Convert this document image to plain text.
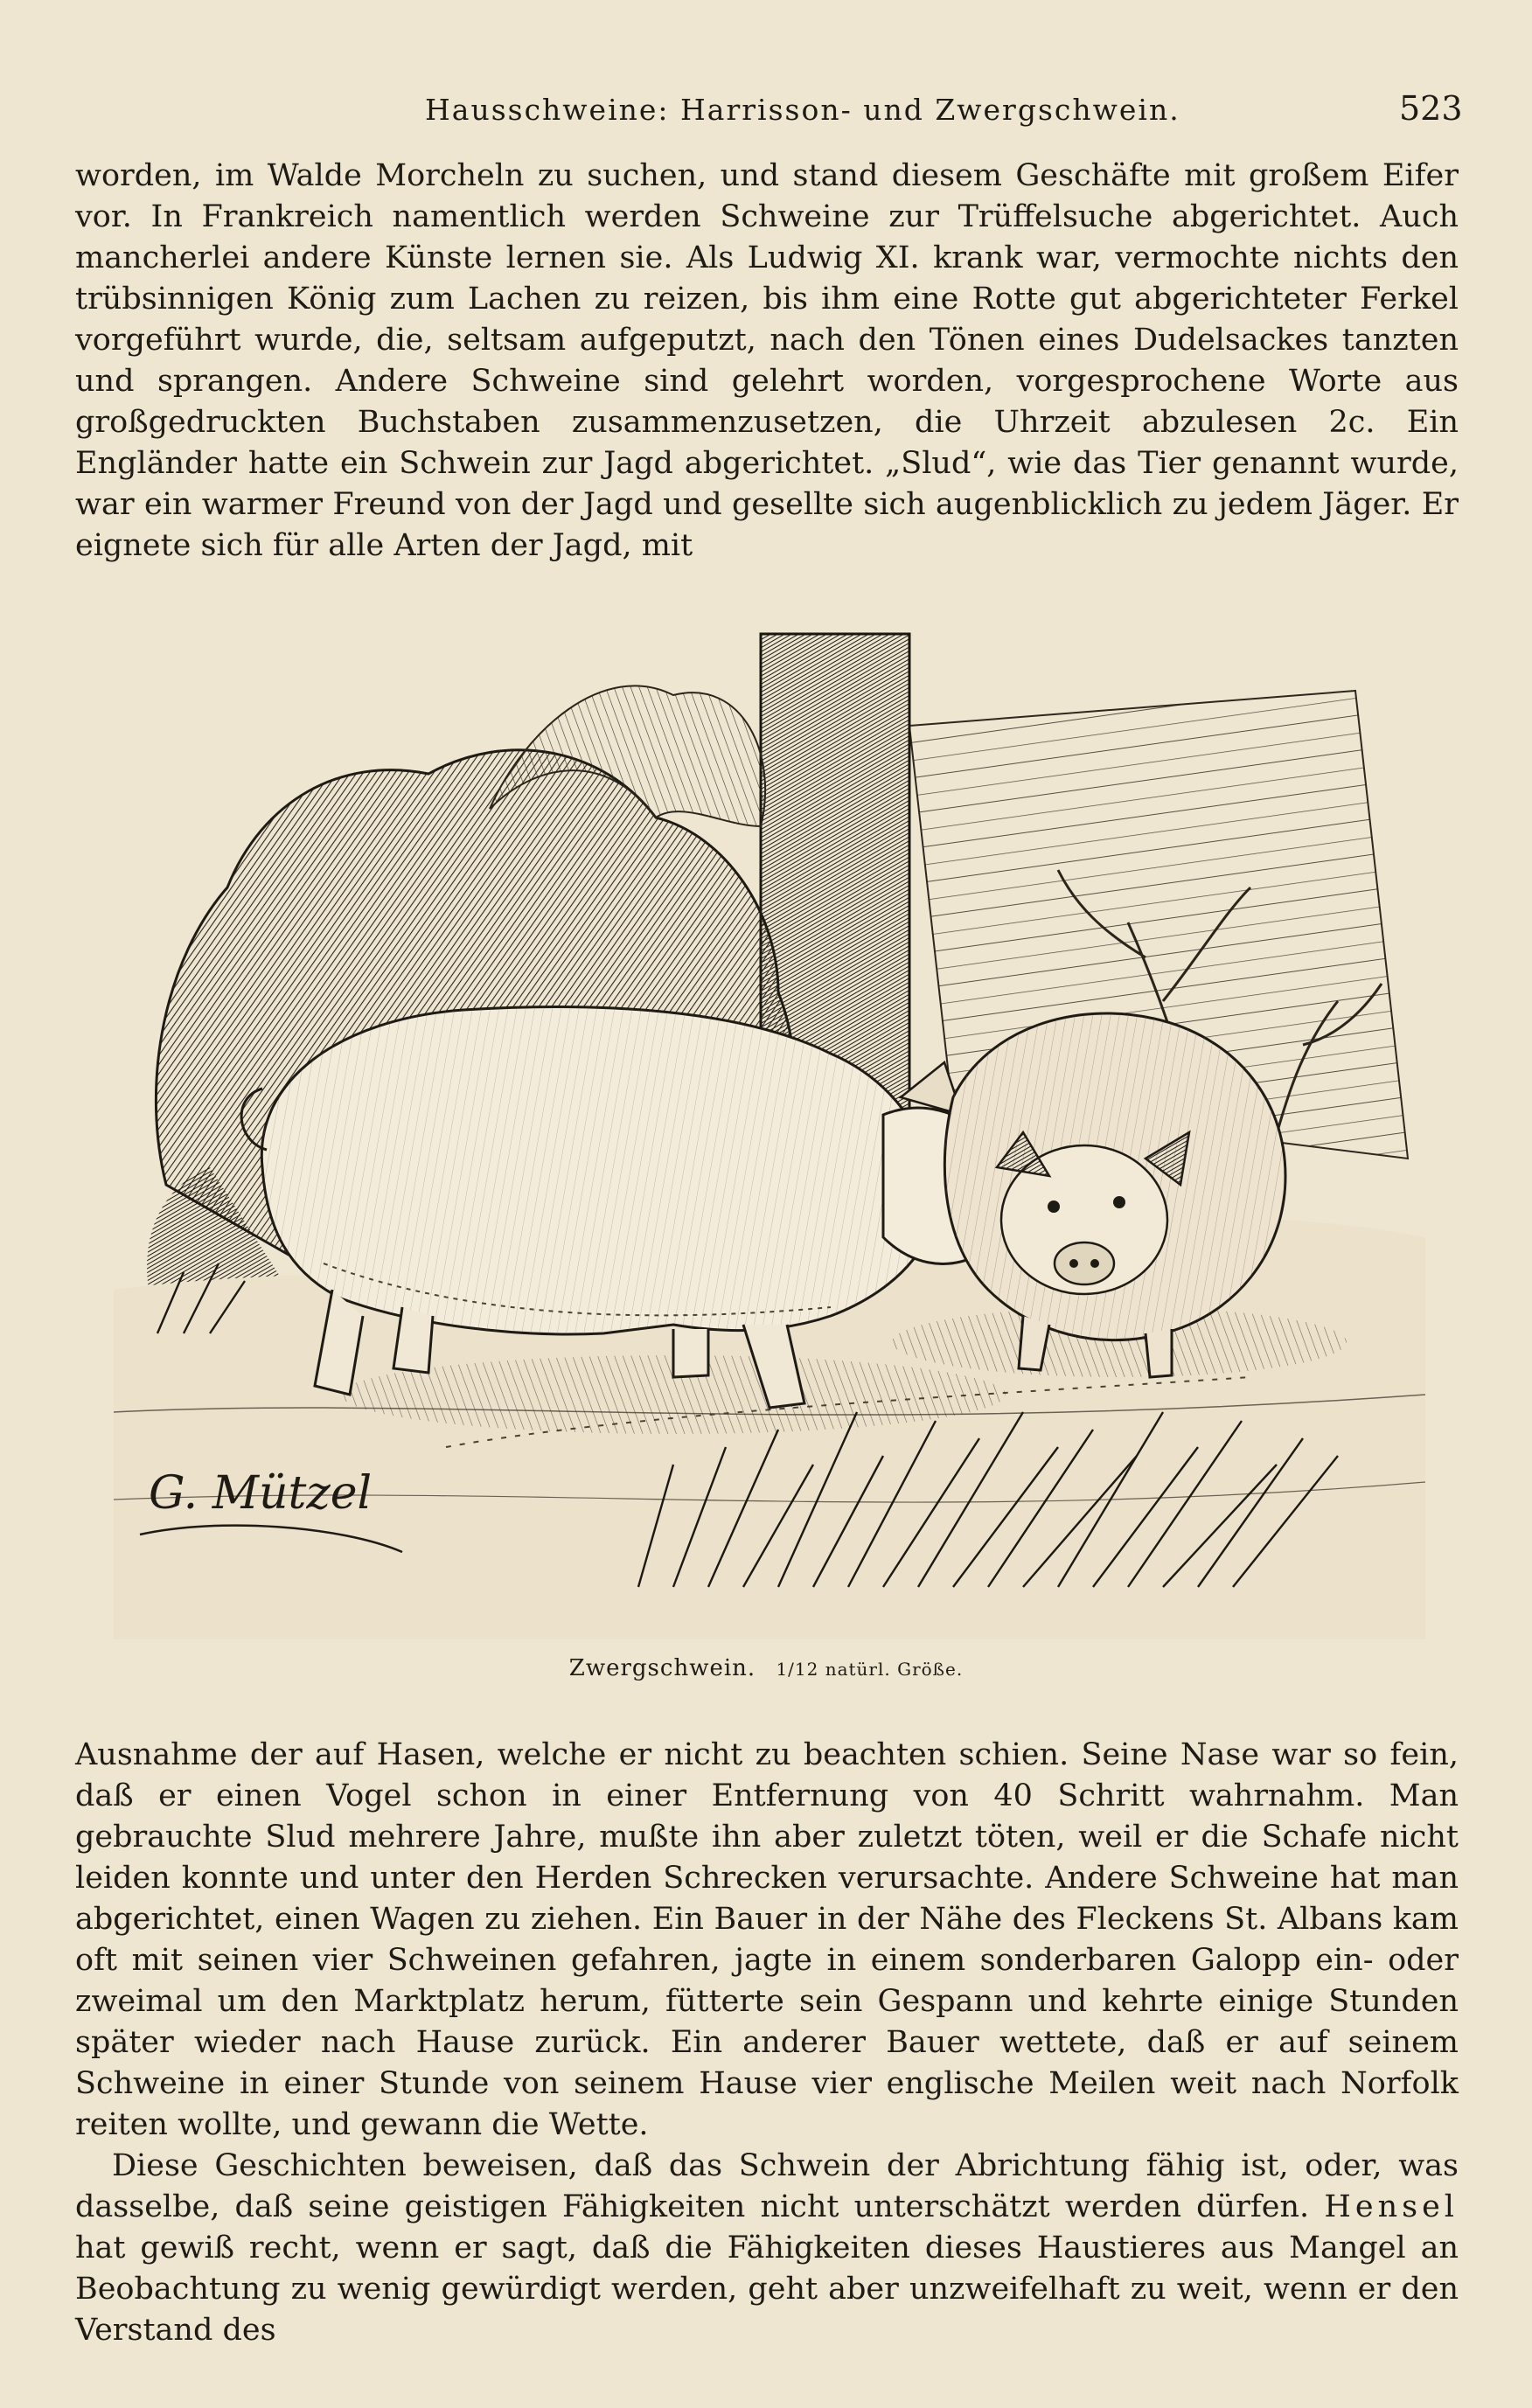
Hausschweine: Harrisson- und Zwergschwein.	523

worden, im Walde Morcheln zu suchen, und stand diesem Geschäfte mit großem Eifer vor. In Frankreich namentlich werden Schweine zur Trüffelsuche abgerichtet. Auch mancherlei andere Künste lernen sie. Als Ludwig XI. krank war, vermochte nichts den trübsinnigen König zum Lachen zu reizen, bis ihm eine Rotte gut abgerichteter Ferkel vorgeführt wurde, die, seltsam aufgeputzt, nach den Tönen eines Dudelsackes tanzten und sprangen. Andere Schweine sind gelehrt worden, vorgesprochene Worte aus großgedruckten Buchstaben zusammenzusetzen, die Uhrzeit abzulesen 2c. Ein Engländer hatte ein Schwein zur Jagd abgerichtet. „Slud“, wie das Tier genannt wurde, war ein warmer Freund von der Jagd und gesellte sich augenblicklich zu jedem Jäger. Er eignete sich für alle Arten der Jagd, mit

G. Mützel
Zwergschwein. 1/12 natürl. Größe.

Ausnahme der auf Hasen, welche er nicht zu beachten schien. Seine Nase war so fein, daß er einen Vogel schon in einer Entfernung von 40 Schritt wahrnahm. Man gebrauchte Slud mehrere Jahre, mußte ihn aber zuletzt töten, weil er die Schafe nicht leiden konnte und unter den Herden Schrecken verursachte. Andere Schweine hat man abgerichtet, einen Wagen zu ziehen. Ein Bauer in der Nähe des Fleckens St. Albans kam oft mit seinen vier Schweinen gefahren, jagte in einem sonderbaren Galopp ein- oder zweimal um den Marktplatz herum, fütterte sein Gespann und kehrte einige Stunden später wieder nach Hause zurück. Ein anderer Bauer wettete, daß er auf seinem Schweine in einer Stunde von seinem Hause vier englische Meilen weit nach Norfolk reiten wollte, und gewann die Wette.

Diese Geschichten beweisen, daß das Schwein der Abrichtung fähig ist, oder, was dasselbe, daß seine geistigen Fähigkeiten nicht unterschätzt werden dürfen. Hensel hat gewiß recht, wenn er sagt, daß die Fähigkeiten dieses Haustieres aus Mangel an Beobachtung zu wenig gewürdigt werden, geht aber unzweifelhaft zu weit, wenn er den Verstand des
